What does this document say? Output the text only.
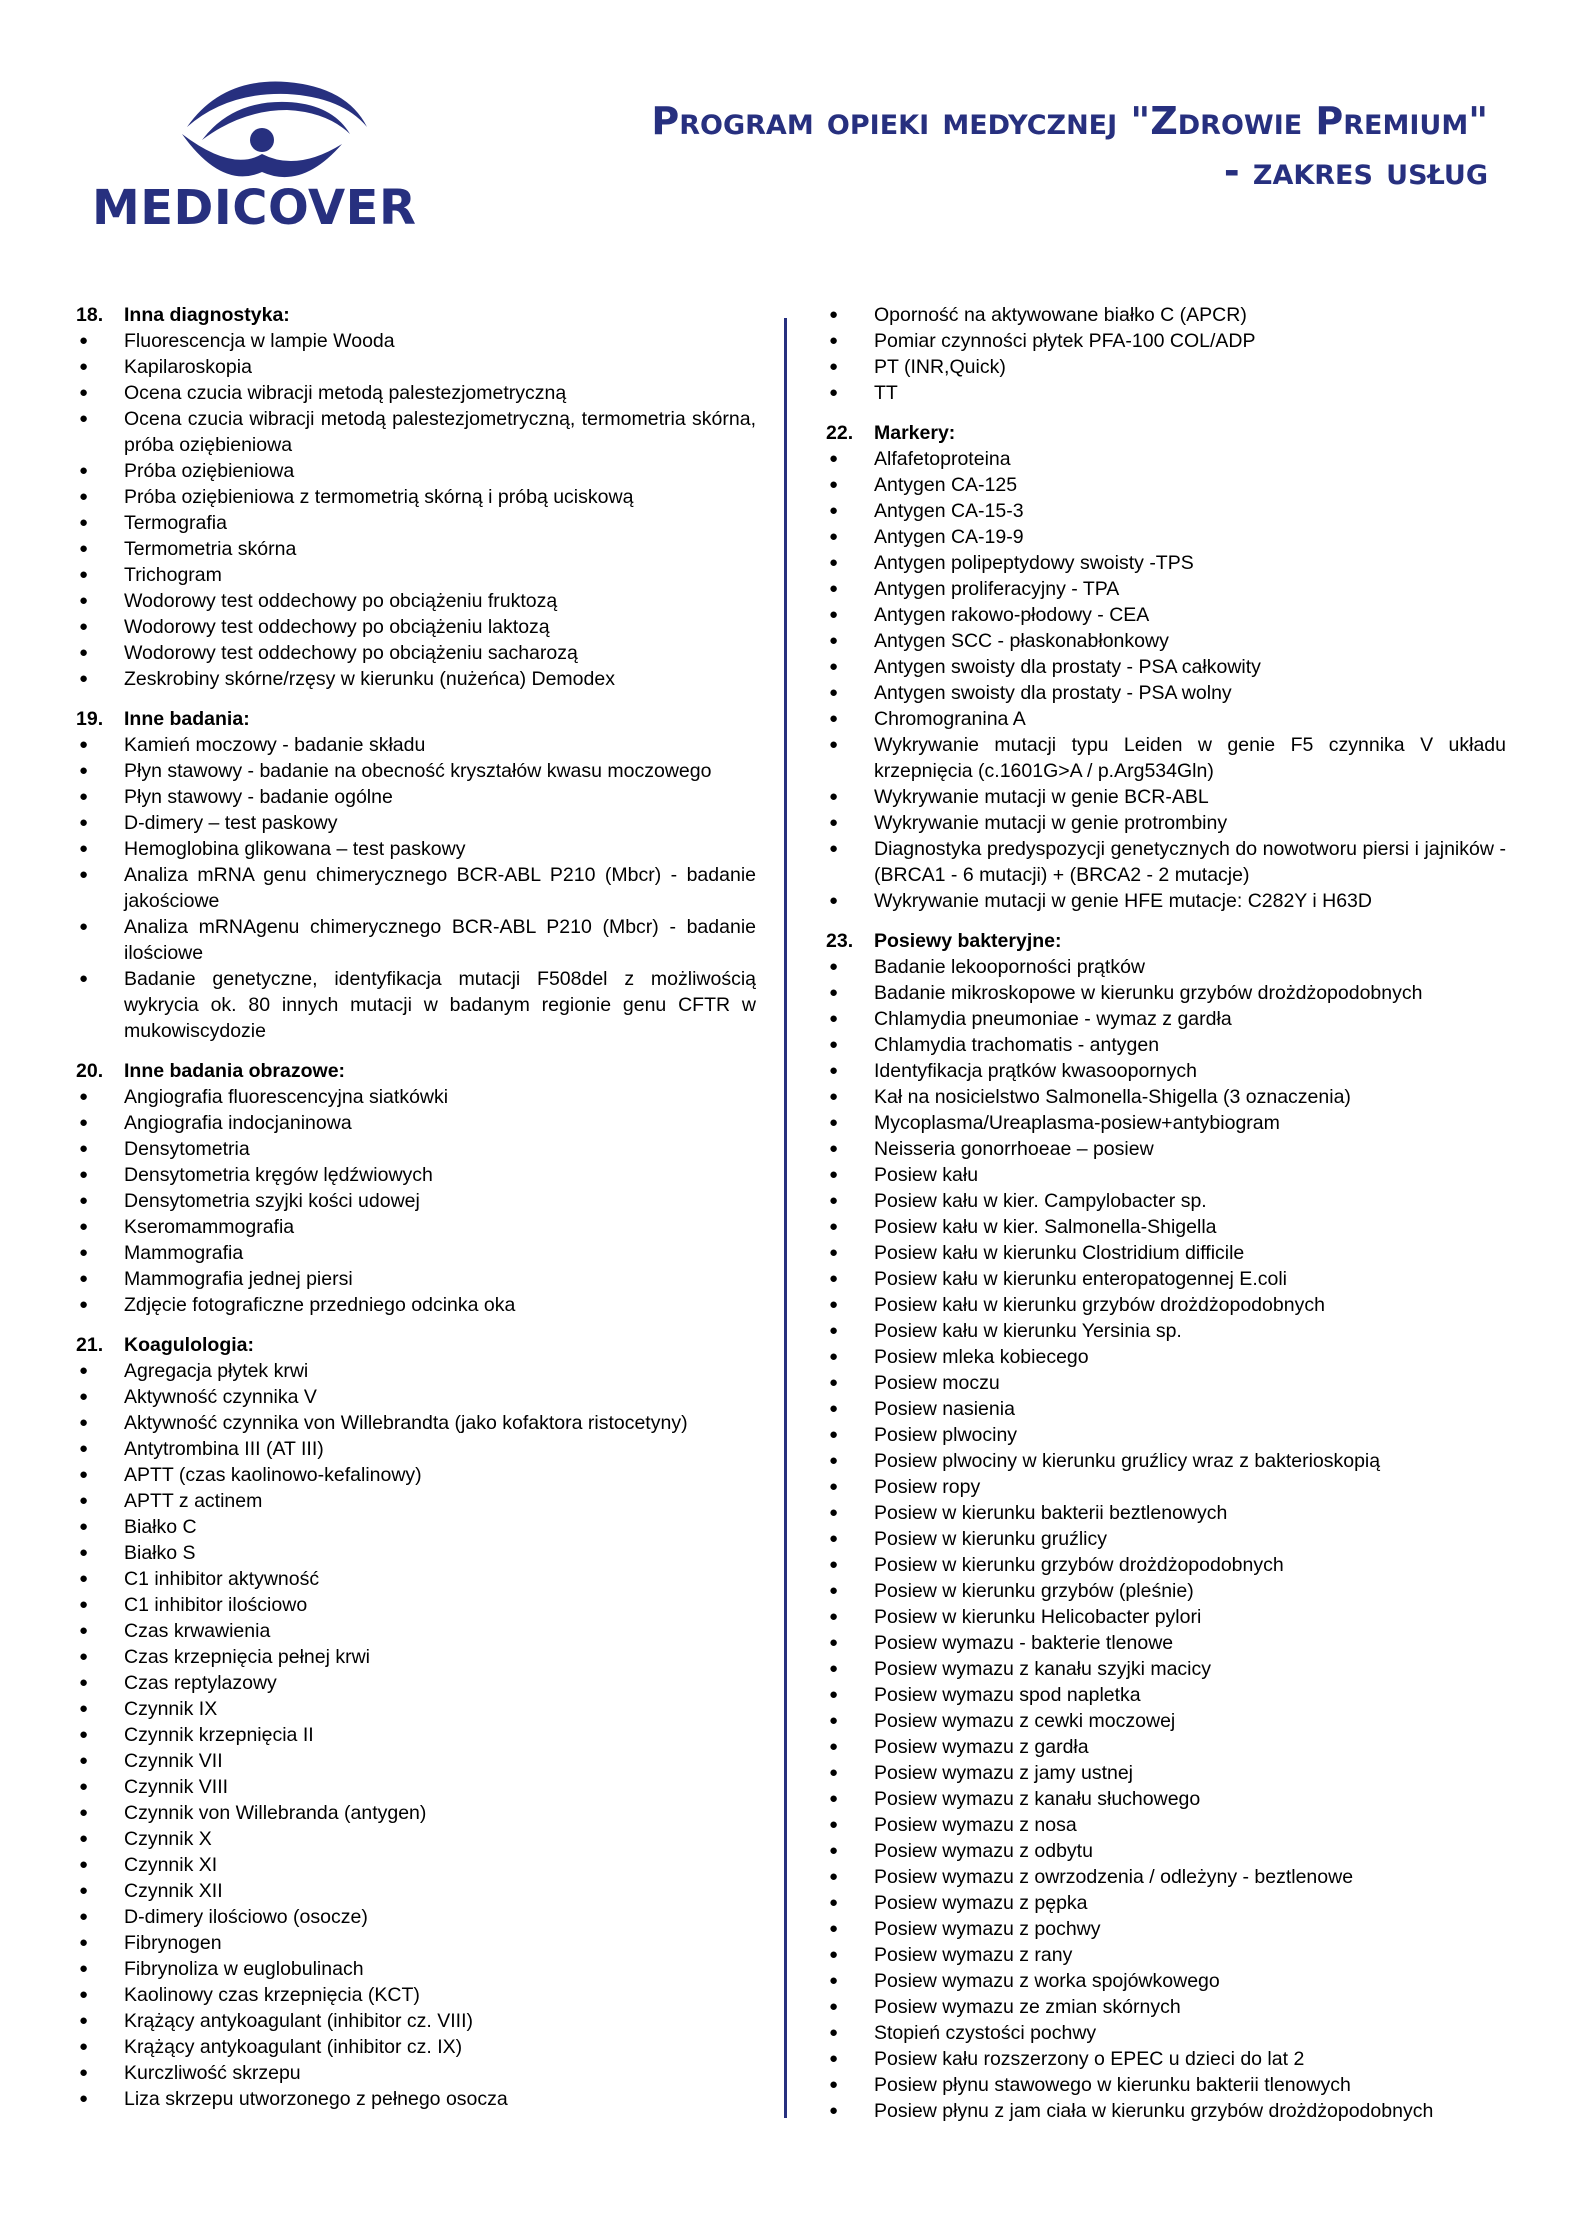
MEDICOVER
Program opieki medycznej "Zdrowie Premium"
- zakres usług
18.	Inna diagnostyka:
●	Fluorescencja w lampie Wooda
●	Kapilaroskopia
●	Ocena czucia wibracji metodą palestezjometryczną
●	Ocena czucia wibracji metodą palestezjometryczną, termometria skórna, próba oziębieniowa
●	Próba oziębieniowa
●	Próba oziębieniowa z termometrią skórną i próbą uciskową
●	Termografia
●	Termometria skórna
●	Trichogram
●	Wodorowy test oddechowy po obciążeniu fruktozą
●	Wodorowy test oddechowy po obciążeniu laktozą
●	Wodorowy test oddechowy po obciążeniu sacharozą
●	Zeskrobiny skórne/rzęsy w kierunku (nużeńca) Demodex
19.	Inne badania:
●	Kamień moczowy - badanie składu
●	Płyn stawowy - badanie na obecność kryształów kwasu moczowego
●	Płyn stawowy - badanie ogólne
●	D-dimery – test paskowy
●	Hemoglobina glikowana – test paskowy
●	Analiza mRNA genu chimerycznego BCR-ABL P210 (Mbcr) - badanie jakościowe
●	Analiza mRNAgenu chimerycznego BCR-ABL P210 (Mbcr) - badanie ilościowe
●	Badanie genetyczne, identyfikacja mutacji F508del z możliwością wykrycia ok. 80 innych mutacji w badanym regionie genu CFTR w mukowiscydozie
20.	Inne badania obrazowe:
●	Angiografia fluorescencyjna siatkówki
●	Angiografia indocjaninowa
●	Densytometria
●	Densytometria kręgów lędźwiowych
●	Densytometria szyjki kości udowej
●	Kseromammografia
●	Mammografia
●	Mammografia jednej piersi
●	Zdjęcie fotograficzne przedniego odcinka oka
21.	Koagulologia:
●	Agregacja płytek krwi
●	Aktywność czynnika V
●	Aktywność czynnika von Willebrandta (jako kofaktora ristocetyny)
●	Antytrombina III (AT III)
●	APTT (czas kaolinowo-kefalinowy)
●	APTT z actinem
●	Białko C
●	Białko S
●	C1 inhibitor aktywność
●	C1 inhibitor ilościowo
●	Czas krwawienia
●	Czas krzepnięcia pełnej krwi
●	Czas reptylazowy
●	Czynnik IX
●	Czynnik krzepnięcia II
●	Czynnik VII
●	Czynnik VIII
●	Czynnik von Willebranda (antygen)
●	Czynnik X
●	Czynnik XI
●	Czynnik XII
●	D-dimery ilościowo (osocze)
●	Fibrynogen
●	Fibrynoliza w euglobulinach
●	Kaolinowy czas krzepnięcia (KCT)
●	Krążący antykoagulant (inhibitor cz. VIII)
●	Krążący antykoagulant (inhibitor cz. IX)
●	Kurczliwość skrzepu
●	Liza skrzepu utworzonego z pełnego osocza
●	Oporność na aktywowane białko C (APCR)
●	Pomiar czynności płytek PFA-100 COL/ADP
●	PT (INR,Quick)
●	TT
22.	Markery:
●	Alfafetoproteina
●	Antygen CA-125
●	Antygen CA-15-3
●	Antygen CA-19-9
●	Antygen polipeptydowy swoisty -TPS
●	Antygen proliferacyjny - TPA
●	Antygen rakowo-płodowy - CEA
●	Antygen SCC - płaskonabłonkowy
●	Antygen swoisty dla prostaty - PSA całkowity
●	Antygen swoisty dla prostaty - PSA wolny
●	Chromogranina A
●	Wykrywanie mutacji typu Leiden w genie F5 czynnika V układu krzepnięcia (c.1601G>A / p.Arg534Gln)
●	Wykrywanie mutacji w genie BCR-ABL
●	Wykrywanie mutacji w genie protrombiny
●	Diagnostyka predyspozycji genetycznych do nowotworu piersi i jajników - (BRCA1 - 6 mutacji) + (BRCA2 - 2 mutacje)
●	Wykrywanie mutacji w genie HFE mutacje: C282Y i H63D
23.	Posiewy bakteryjne:
●	Badanie lekooporności prątków
●	Badanie mikroskopowe w kierunku grzybów drożdżopodobnych
●	Chlamydia pneumoniae - wymaz z gardła
●	Chlamydia trachomatis - antygen
●	Identyfikacja prątków kwasoopornych
●	Kał na nosicielstwo Salmonella-Shigella (3 oznaczenia)
●	Mycoplasma/Ureaplasma-posiew+antybiogram
●	Neisseria gonorrhoeae – posiew
●	Posiew kału
●	Posiew kału w kier. Campylobacter sp.
●	Posiew kału w kier. Salmonella-Shigella
●	Posiew kału w kierunku Clostridium difficile
●	Posiew kału w kierunku enteropatogennej E.coli
●	Posiew kału w kierunku grzybów drożdżopodobnych
●	Posiew kału w kierunku Yersinia sp.
●	Posiew mleka kobiecego
●	Posiew moczu
●	Posiew nasienia
●	Posiew plwociny
●	Posiew plwociny w kierunku gruźlicy wraz z bakterioskopią
●	Posiew ropy
●	Posiew w kierunku bakterii beztlenowych
●	Posiew w kierunku gruźlicy
●	Posiew w kierunku grzybów drożdżopodobnych
●	Posiew w kierunku grzybów (pleśnie)
●	Posiew w kierunku Helicobacter pylori
●	Posiew wymazu - bakterie tlenowe
●	Posiew wymazu z kanału szyjki macicy
●	Posiew wymazu spod napletka
●	Posiew wymazu z cewki moczowej
●	Posiew wymazu z gardła
●	Posiew wymazu z jamy ustnej
●	Posiew wymazu z kanału słuchowego
●	Posiew wymazu z nosa
●	Posiew wymazu z odbytu
●	Posiew wymazu z owrzodzenia / odleżyny - beztlenowe
●	Posiew wymazu z pępka
●	Posiew wymazu z pochwy
●	Posiew wymazu z rany
●	Posiew wymazu z worka spojówkowego
●	Posiew wymazu ze zmian skórnych
●	Stopień czystości pochwy
●	Posiew kału rozszerzony o EPEC u dzieci do lat 2
●	Posiew płynu stawowego w kierunku bakterii tlenowych
●	Posiew płynu z jam ciała w kierunku grzybów drożdżopodobnych
